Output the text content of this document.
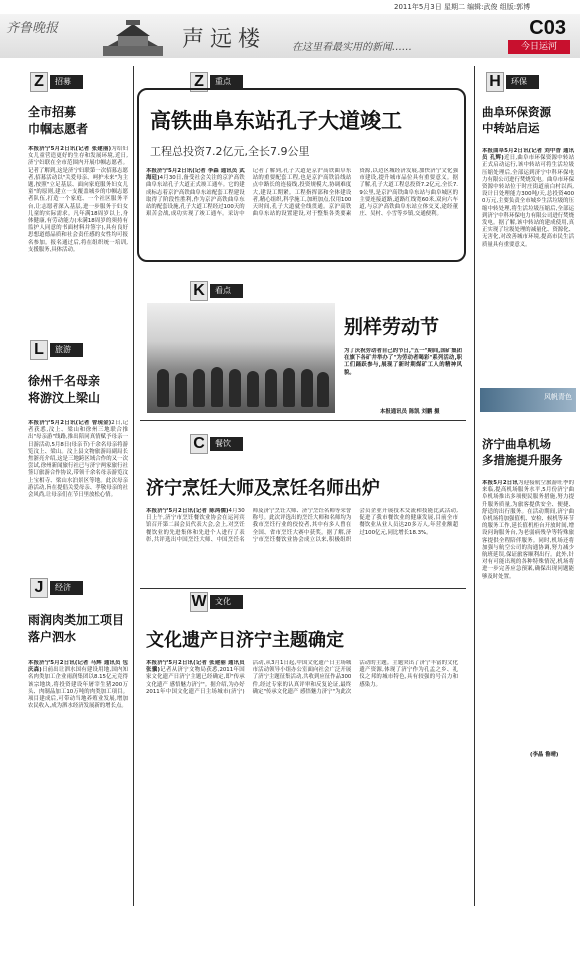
2011年5月3日 星期二 编辑:武俊 组版:郭博
齐鲁晚报	声远楼	在这里看最实用的新闻……
C03
今日运河
Z	招募
全市招募
巾帼志愿者
本报济宁5月2日讯(记者 张建丽)为给妇女儿童营造更好的生存和发展环境,近日,济宁妇联在全市范围内开展巾帼志愿者。记者了解到,这是济宁妇联第一次招募志愿者,招募活动以"关爱母亲、呵护未来"为主题,按照"立足基层、面向家庭服务妇女儿童"的原则,建立一支覆盖城乡的巾帼志愿者队伍,打造一个家庭、一个社区服务平台,让志愿者深入基层,进一步服务于妇女儿童的实际需求。凡年满18周岁以上,身体健康,有劳动能力(未满18周岁的须持有监护人同意的书面材料并签字),具有良好思想道德品质和社会责任感的女性均可报名参加。报名通过后,将在组织统一培训,支援服务,具体活动。
L	旅游
徐州千名母亲
将游汶上梁山
本报济宁5月2日讯(记者 曾现金)2日,记者获悉,汶上、梁山和徐州三地联合推出"母亲游"线路,推出陪同真情赋予母亲一日游活动,5月8日(母亲节)千余名母亲将游览汶上、梁山。汶上县文物旅游局副局长焦浙亮介绍,这是三地跨区域合作的又一次尝试,徐州新闻旅行社已与济宁两家旅行社签订旅游合作协议,带领千余名母亲游览汶上宝相寺、梁山水泊景区等地。此次母亲游活动,旨在提倡关爱母亲、孝敬母亲的社会风尚,让母亲们在节日里放松心情。
J	经济
雨润肉类加工项目
落户泗水
本报济宁5月2日讯(记者 马辉 通讯员 包庆森)日前出让泗水国有建设用地,国内知名肉类加工企业雨润集团以8.15亿元竞得该宗地块,将投资建设年屠宰生猪200万头、肉制品加工10万吨的肉类加工项目。项目建成后,可带动当地养殖业发展,增加农民收入,成为泗水经济发展新的增长点。
Z	重点
高铁曲阜东站孔子大道竣工
工程总投资7.2亿元,全长7.9公里
本报济宁5月2日讯(记者 李森 通讯员 武海廷)4月30日,备受社会关注的京沪高铁曲阜东站孔子大道正式竣工通车。它的建成标志着京沪高铁曲阜东站配套工程建设取得了阶段性胜利,作为京沪高铁曲阜东站的配套设施,孔子大道工程经过100天的艰苦会战,成功实现了竣工通车。采访中记者了解到,孔子大道是京沪高铁曲阜东站的重要配套工程,也是京沪高铁沿线站点中路长的连接线,投资规模大,协调难度大,建设工期紧。工程指挥部和全体建设者,精心组织,科学施工,加班加点,仅用100天时间,孔子大道就全线贯通。京沪高铁曲阜东站的设置建设,对于整集各类要素资源,以边区城经济发展,加快济宁文化强市建设,提升城市品位具有重要意义。据了解,孔子大道工程总投资7.2亿元,全长7.9公里,是京沪高铁曲阜东站与曲阜城区的主要连接道路,道路红线宽60米,双向六车道,与京沪高铁曲阜东站立体交叉,途经董庄、吴村、小雪等乡镇,交通便利。
K	看点
别样劳动节
为了庆祝劳动者自己的节日,"五一"期间,国矿集团在旗下各矿井举办了"为劳动者喝彩"系列活动,职工们踊跃参与,展现了新时期煤矿工人的精神风貌。
本报通讯员 陈凯 刘鹏 摄
C	餐饮
济宁烹饪大师及烹饪名师出炉
本报济宁5月2日讯(记者 陈鸿儒)4月30日上午,济宁市烹饪餐饮业协会在运河宾馆召开第二届会员代表大会,会上,对烹饪餐饮业的先进集体和先进个人进行了表彰,共评选出中国烹饪大师、中国烹饪名师及济宁烹饪大师、济宁烹饪名师等荣誉称号。此次评选出的烹饪大师和名师均为我市烹饪行业的佼佼者,其中有多人曾在全国、省市烹饪大赛中获奖。据了解,济宁市烹饪餐饮业协会成立以来,积极组织会员企业开展技术交流和技能比武活动,促进了我市餐饮业的健康发展,目前全市餐饮业从业人员达20多万人,年营业额超过100亿元,同比增长18.3%。
W	文化
文化遗产日济宁主题确定
本报济宁5月2日讯(记者 张建丽 通讯员 张骥)记者从济宁文物局获悉,2011年国家文化遗产日济宁主题已经确定,即"传承文化遗产 感悟魅力济宁"。据介绍,为办好2011年中国文化遗产日主场城市(济宁)活动,从3月1日起,中国文化遗产日主场城市活动领导小组办公室面向社会广泛开展了济宁主题征集活动,共收到应征作品300件,经过专家的认真评审和反复论证,最终确定"传承文化遗产 感悟魅力济宁"为此次活动的主题。主题突出了济宁丰富的文化遗产资源,体现了济宁作为孔孟之乡、礼仪之邦的城市特色,具有较强的号召力和感染力。
H	环保
曲阜环保资源
中转站启运
本报曲阜5月2日讯(记者 刘中香 通讯员 孔辉)近日,曲阜市环保资源中转站正式启动运行,该中转站可将生活垃圾压缩处理后,全部运到济宁中科环保电力有限公司进行焚烧发电。曲阜市环保资源中转站位于时庄街道前白村以西,设计日处理能力300吨/天,总投资4000万元,主要负责全市城乡生活垃圾的压缩中转处理,将生活垃圾压缩后,全部运到济宁中科环保电力有限公司进行焚烧发电。据了解,该中转站的建成使用,真正实现了垃圾处理的减量化、资源化、无害化,对改善城市环境,提高市民生活质量具有重要意义。
风帆青色
济宁曲阜机场
多措施提升服务
本报5月2日讯为迎接航空旅游旺季的来临,提高机场服务水平,5月份济宁曲阜机场推出多项便民服务措施,努力提升服务质量,为旅客提供安全、便捷、舒适的出行服务。在活动期间,济宁曲阜机场将加强值机、安检、候机等环节的服务工作,延长值机柜台开放时间,增设问询服务台,为老弱病残孕等特殊旅客提供全程陪伴服务。同时,机场还将加强与航空公司的沟通协调,努力减少航班延误,保证旅客顺利出行。此外,针对有可能出现的各种特殊情况,机场将进一步完善应急预案,确保出现问题能够及时处置。
(李晶 鲁晴)
